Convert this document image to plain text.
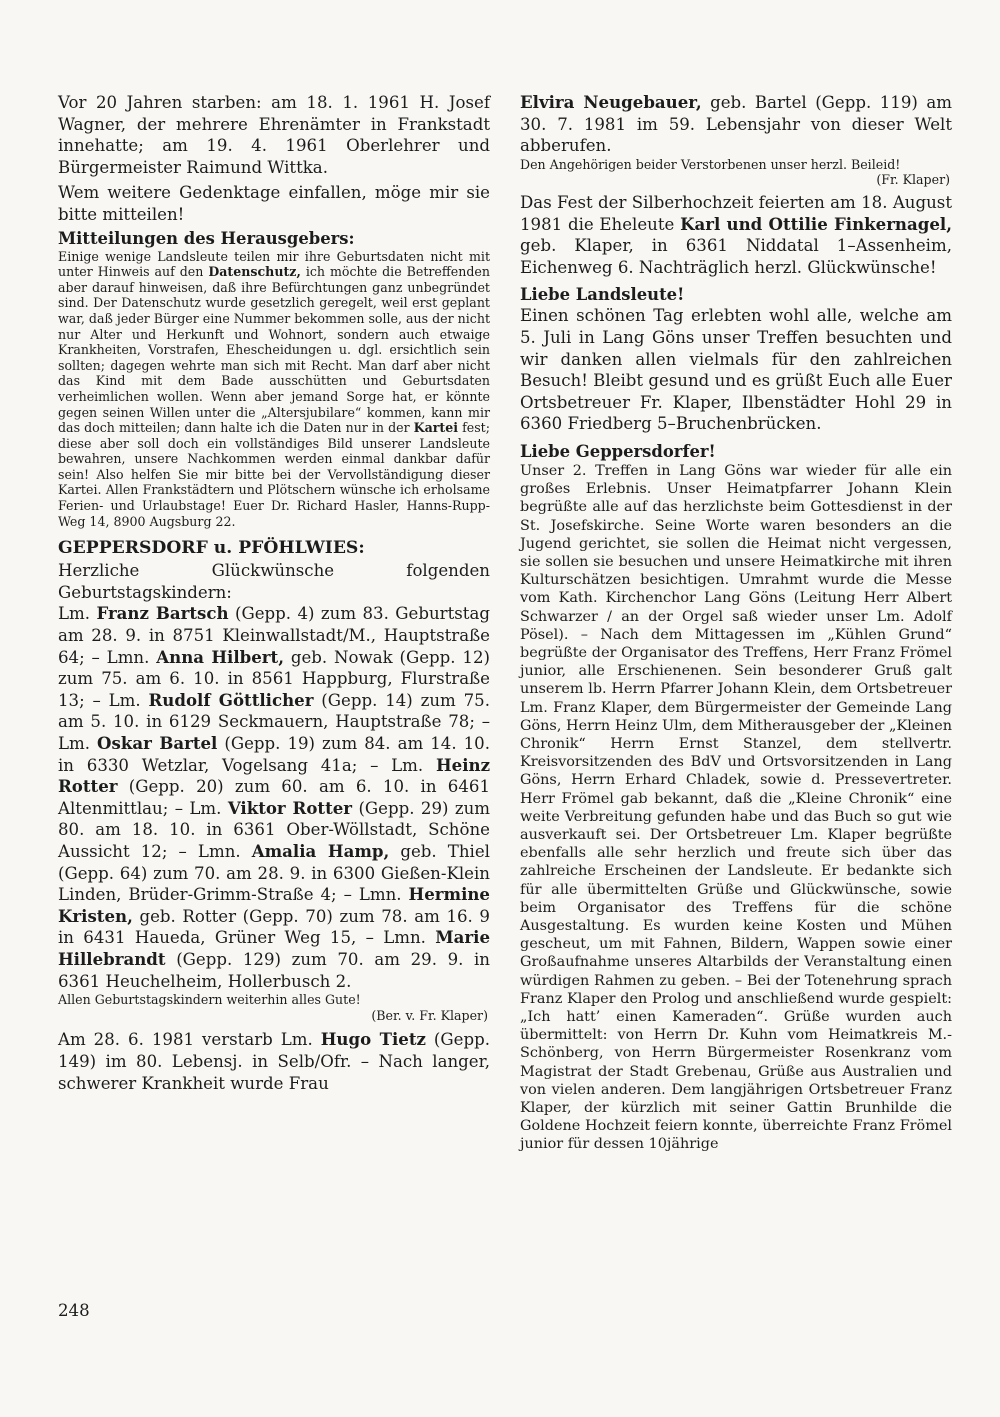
Vor 20 Jahren starben: am 18. 1. 1961 H. Josef Wagner, der mehrere Ehrenämter in Frankstadt innehatte; am 19. 4. 1961 Oberlehrer und Bürgermeister Raimund Wittka.

Wem weitere Gedenktage einfallen, möge mir sie bitte mitteilen!

Mitteilungen des Herausgebers:

Einige wenige Landsleute teilen mir ihre Geburtsdaten nicht mit unter Hinweis auf den Datenschutz, ich möchte die Betreffenden aber darauf hinweisen, daß ihre Befürchtungen ganz unbegründet sind. Der Datenschutz wurde gesetzlich geregelt, weil erst geplant war, daß jeder Bürger eine Nummer bekommen solle, aus der nicht nur Alter und Herkunft und Wohnort, sondern auch etwaige Krankheiten, Vorstrafen, Ehescheidungen u. dgl. ersichtlich sein sollten; dagegen wehrte man sich mit Recht. Man darf aber nicht das Kind mit dem Bade ausschütten und Geburtsdaten verheimlichen wollen. Wenn aber jemand Sorge hat, er könnte gegen seinen Willen unter die „Altersjubilare“ kommen, kann mir das doch mitteilen; dann halte ich die Daten nur in der Kartei fest; diese aber soll doch ein vollständiges Bild unserer Landsleute bewahren, unsere Nachkommen werden einmal dankbar dafür sein! Also helfen Sie mir bitte bei der Vervollständigung dieser Kartei. Allen Frankstädtern und Plötschern wünsche ich erholsame Ferien- und Urlaubstage! Euer Dr. Richard Hasler, Hanns-Rupp-Weg 14, 8900 Augsburg 22.

GEPPERSDORF u. PFÖHLWIES:

Herzliche Glückwünsche folgenden Geburtstagskindern:

Lm. Franz Bartsch (Gepp. 4) zum 83. Geburtstag am 28. 9. in 8751 Kleinwallstadt/M., Hauptstraße 64; – Lmn. Anna Hilbert, geb. Nowak (Gepp. 12) zum 75. am 6. 10. in 8561 Happburg, Flurstraße 13; – Lm. Rudolf Göttlicher (Gepp. 14) zum 75. am 5. 10. in 6129 Seckmauern, Hauptstraße 78; – Lm. Oskar Bartel (Gepp. 19) zum 84. am 14. 10. in 6330 Wetzlar, Vogelsang 41a; – Lm. Heinz Rotter (Gepp. 20) zum 60. am 6. 10. in 6461 Altenmittlau; – Lm. Viktor Rotter (Gepp. 29) zum 80. am 18. 10. in 6361 Ober-Wöllstadt, Schöne Aussicht 12; – Lmn. Amalia Hamp, geb. Thiel (Gepp. 64) zum 70. am 28. 9. in 6300 Gießen-Klein Linden, Brüder-Grimm-Straße 4; – Lmn. Hermine Kristen, geb. Rotter (Gepp. 70) zum 78. am 16. 9 in 6431 Haueda, Grüner Weg 15, – Lmn. Marie Hillebrandt (Gepp. 129) zum 70. am 29. 9. in 6361 Heuchelheim, Hollerbusch 2.

Allen Geburtstagskindern weiterhin alles Gute!

(Ber. v. Fr. Klaper)

Am 28. 6. 1981 verstarb Lm. Hugo Tietz (Gepp. 149) im 80. Lebensj. in Selb/Ofr. – Nach langer, schwerer Krankheit wurde Frau

Elvira Neugebauer, geb. Bartel (Gepp. 119) am 30. 7. 1981 im 59. Lebensjahr von dieser Welt abberufen.

Den Angehörigen beider Verstorbenen unser herzl. Beileid!

(Fr. Klaper)

Das Fest der Silberhochzeit feierten am 18. August 1981 die Eheleute Karl und Ottilie Finkernagel, geb. Klaper, in 6361 Niddatal 1–Assenheim, Eichenweg 6. Nachträglich herzl. Glückwünsche!

Liebe Landsleute!

Einen schönen Tag erlebten wohl alle, welche am 5. Juli in Lang Göns unser Treffen besuchten und wir danken allen vielmals für den zahlreichen Besuch! Bleibt gesund und es grüßt Euch alle Euer Ortsbetreuer Fr. Klaper, Ilbenstädter Hohl 29 in 6360 Friedberg 5–Bruchenbrücken.

Liebe Geppersdorfer!

Unser 2. Treffen in Lang Göns war wieder für alle ein großes Erlebnis. Unser Heimatpfarrer Johann Klein begrüßte alle auf das herzlichste beim Gottesdienst in der St. Josefskirche. Seine Worte waren besonders an die Jugend gerichtet, sie sollen die Heimat nicht vergessen, sie sollen sie besuchen und unsere Heimatkirche mit ihren Kulturschätzen besichtigen. Umrahmt wurde die Messe vom Kath. Kirchenchor Lang Göns (Leitung Herr Albert Schwarzer / an der Orgel saß wieder unser Lm. Adolf Pösel). – Nach dem Mittagessen im „Kühlen Grund“ begrüßte der Organisator des Treffens, Herr Franz Frömel junior, alle Erschienenen. Sein besonderer Gruß galt unserem lb. Herrn Pfarrer Johann Klein, dem Ortsbetreuer Lm. Franz Klaper, dem Bürgermeister der Gemeinde Lang Göns, Herrn Heinz Ulm, dem Mitherausgeber der „Kleinen Chronik“ Herrn Ernst Stanzel, dem stellvertr. Kreisvorsitzenden des BdV und Ortsvorsitzenden in Lang Göns, Herrn Erhard Chladek, sowie d. Pressevertreter. Herr Frömel gab bekannt, daß die „Kleine Chronik“ eine weite Verbreitung gefunden habe und das Buch so gut wie ausverkauft sei. Der Ortsbetreuer Lm. Klaper begrüßte ebenfalls alle sehr herzlich und freute sich über das zahlreiche Erscheinen der Landsleute. Er bedankte sich für alle übermittelten Grüße und Glückwünsche, sowie beim Organisator des Treffens für die schöne Ausgestaltung. Es wurden keine Kosten und Mühen gescheut, um mit Fahnen, Bildern, Wappen sowie einer Großaufnahme unseres Altarbilds der Veranstaltung einen würdigen Rahmen zu geben. – Bei der Totenehrung sprach Franz Klaper den Prolog und anschließend wurde gespielt: „Ich hatt’ einen Kameraden“. Grüße wurden auch übermittelt: von Herrn Dr. Kuhn vom Heimatkreis M.-Schönberg, von Herrn Bürgermeister Rosenkranz vom Magistrat der Stadt Grebenau, Grüße aus Australien und von vielen anderen. Dem langjährigen Ortsbetreuer Franz Klaper, der kürzlich mit seiner Gattin Brunhilde die Goldene Hochzeit feiern konnte, überreichte Franz Frömel junior für dessen 10jährige

248
